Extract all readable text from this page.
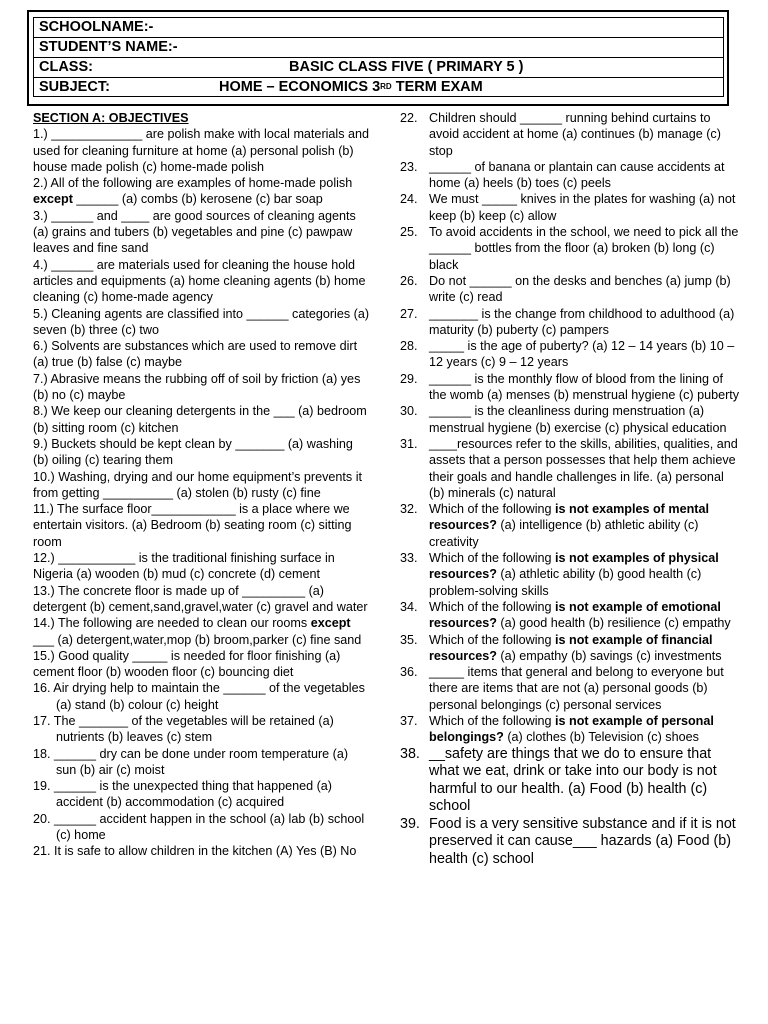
SCHOOLNAME:-
STUDENT’S NAME:-
CLASS:	BASIC CLASS FIVE ( PRIMARY 5 )
SUBJECT:	HOME – ECONOMICS 3RD TERM EXAM
SECTION A: OBJECTIVES
1.) _____________ are polish make with local materials and used for cleaning furniture at home (a) personal polish (b) house made polish (c) home-made polish
2.) All of the following are examples of home-made polish except ______ (a) combs (b) kerosene (c) bar soap
3.) ______ and ____ are good sources of cleaning agents (a) grains and tubers (b) vegetables and pine (c) pawpaw leaves and fine sand
4.) ______ are materials used for cleaning the house hold articles and equipments (a) home cleaning agents (b) home cleaning (c) home-made agency
5.) Cleaning agents are classified into ______ categories (a) seven (b) three (c) two
6.) Solvents are substances which are used to remove dirt (a) true (b) false (c) maybe
7.) Abrasive means the rubbing off of soil by friction (a) yes (b) no (c) maybe
8.) We keep our cleaning detergents in the ___ (a) bedroom (b) sitting room (c) kitchen
9.) Buckets should be kept clean by _______ (a) washing (b) oiling (c) tearing them
10.) Washing, drying and our home equipment’s prevents it from getting __________ (a) stolen (b) rusty (c) fine
11.) The surface floor____________ is a place where we entertain visitors. (a) Bedroom (b) seating room (c) sitting room
12.) ___________ is the traditional finishing surface in Nigeria (a) wooden (b) mud (c) concrete (d) cement
13.) The concrete floor is made up of _________ (a) detergent (b) cement,sand,gravel,water (c) gravel and water
14.) The following are needed to clean our rooms except ___ (a) detergent,water,mop (b) broom,parker (c) fine sand
15.) Good quality _____ is needed for floor finishing (a) cement floor (b) wooden floor (c) bouncing diet
16. Air drying help to maintain the ______ of the vegetables (a) stand (b) colour (c) height
17. The _______ of the vegetables will be retained (a) nutrients (b) leaves (c) stem
18. ______ dry can be done under room temperature (a) sun (b) air (c) moist
19. ______ is the unexpected thing that happened (a) accident (b) accommodation (c) acquired
20. ______ accident happen in the school (a) lab (b) school (c) home
21. It is safe to allow children in the kitchen (A) Yes (B) No
22. Children should ______ running behind curtains to avoid accident at home (a) continues (b) manage (c) stop
23. ______ of banana or plantain can cause accidents at home (a) heels (b) toes (c) peels
24. We must _____ knives in the plates for washing (a) not keep (b) keep (c) allow
25. To avoid accidents in the school, we need to pick all the ______ bottles from the floor (a) broken (b) long (c) black
26. Do not ______ on the desks and benches (a) jump (b) write (c) read
27. _______ is the change from childhood to adulthood (a) maturity (b) puberty (c) pampers
28. _____ is the age of puberty? (a) 12 – 14 years (b) 10 – 12 years (c) 9 – 12 years
29. ______ is the monthly flow of blood from the lining of the womb (a) menses (b) menstrual hygiene (c) puberty
30. ______ is the cleanliness during menstruation (a) menstrual hygiene (b) exercise (c) physical education
31. ____resources refer to the skills, abilities, qualities, and assets that a person possesses that help them achieve their goals and handle challenges in life. (a) personal (b) minerals (c) natural
32. Which of the following is not examples of mental resources? (a) intelligence (b) athletic ability (c) creativity
33. Which of the following is not examples of physical resources? (a) athletic ability (b) good health (c) problem-solving skills
34. Which of the following is not example of emotional resources? (a) good health (b) resilience (c) empathy
35. Which of the following is not example of financial resources? (a) empathy (b) savings (c) investments
36. _____ items that general and belong to everyone but there are items that are not (a) personal goods (b) personal belongings (c) personal services
37. Which of the following is not example of personal belongings? (a) clothes (b) Television (c) shoes
38. __safety are things that we do to ensure that what we eat, drink or take into our body is not harmful to our health. (a) Food (b) health (c) school
39. Food is a very sensitive substance and if it is not preserved it can cause___ hazards (a) Food (b) health (c) school
